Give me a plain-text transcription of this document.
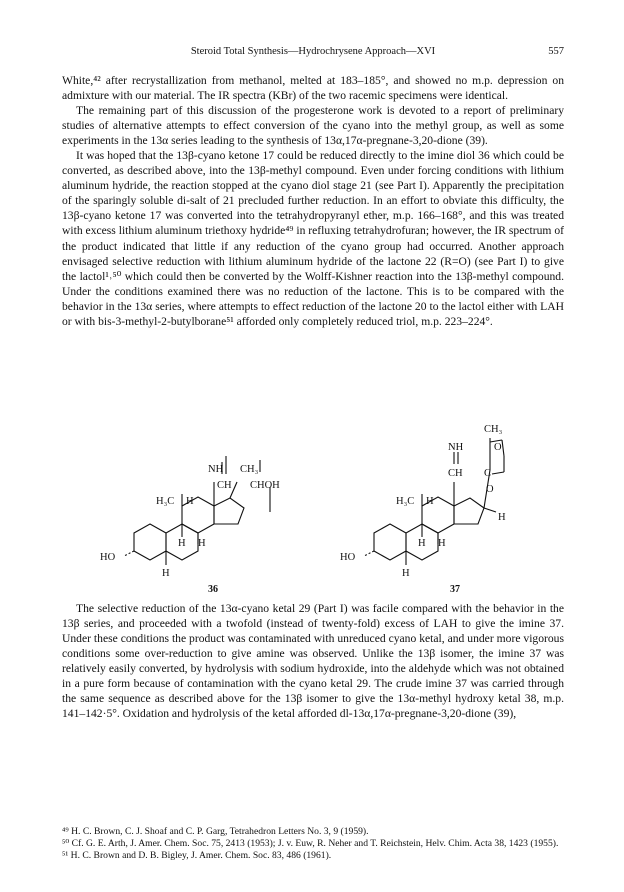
Steroid Total Synthesis—Hydrochrysene Approach—XVI	557

White,⁴² after recrystallization from methanol, melted at 183–185°, and showed no m.p. depression on admixture with our material. The IR spectra (KBr) of the two racemic specimens were identical.

The remaining part of this discussion of the progesterone work is devoted to a report of preliminary studies of alternative attempts to effect conversion of the cyano into the methyl group, as well as some experiments in the 13α series leading to the synthesis of 13α,17α-pregnane-3,20-dione (39).

It was hoped that the 13β-cyano ketone 17 could be reduced directly to the imine diol 36 which could be converted, as described above, into the 13β-methyl compound. Even under forcing conditions with lithium aluminum hydride, the reaction stopped at the cyano diol stage 21 (see Part I). Apparently the precipitation of the sparingly soluble di-salt of 21 precluded further reduction. In an effort to obviate this difficulty, the 13β-cyano ketone 17 was converted into the tetrahydropyranyl ether, m.p. 166–168°, and this was treated with excess lithium aluminum triethoxy hydride⁴⁹ in refluxing tetrahydrofuran; however, the IR spectrum of the product indicated that little if any reduction of the cyano group had occurred. Another approach envisaged selective reduction with lithium aluminum hydride of the lactone 22 (R=O) (see Part I) to give the lactol¹˒⁵⁰ which could then be converted by the Wolff-Kishner reaction into the 13β-methyl compound. Under the conditions examined there was no reduction of the lactone. This is to be compared with the behavior in the 13α series, where attempts to effect reduction of the lactone 20 to the lactol either with LAH or with bis-3-methyl-2-butylborane⁵¹ afforded only completely reduced triol, m.p. 223–224°.

NH CH₃
CH CHOH
H₃C H
H H
HO
H
36
CH₃
NH	O
CH C
O
H
H₃C H
H H
HO
H
37

The selective reduction of the 13α-cyano ketal 29 (Part I) was facile compared with the behavior in the 13β series, and proceeded with a twofold (instead of twenty-fold) excess of LAH to give the imine 37. Under these conditions the product was contaminated with unreduced cyano ketal, and under more vigorous conditions some over-reduction to give amine was observed. Unlike the 13β isomer, the imine 37 was relatively easily converted, by hydrolysis with sodium hydroxide, into the aldehyde which was not obtained in a pure form because of contamination with the cyano ketal 29. The crude imine 37 was carried through the same sequence as described above for the 13β isomer to give the 13α-methyl hydroxy ketal 38, m.p. 141–142·5°. Oxidation and hydrolysis of the ketal afforded dl-13α,17α-pregnane-3,20-dione (39),

⁴⁹ H. C. Brown, C. J. Shoaf and C. P. Garg, Tetrahedron Letters No. 3, 9 (1959).

⁵⁰ Cf. G. E. Arth, J. Amer. Chem. Soc. 75, 2413 (1953); J. v. Euw, R. Neher and T. Reichstein, Helv. Chim. Acta 38, 1423 (1955).

⁵¹ H. C. Brown and D. B. Bigley, J. Amer. Chem. Soc. 83, 486 (1961).
